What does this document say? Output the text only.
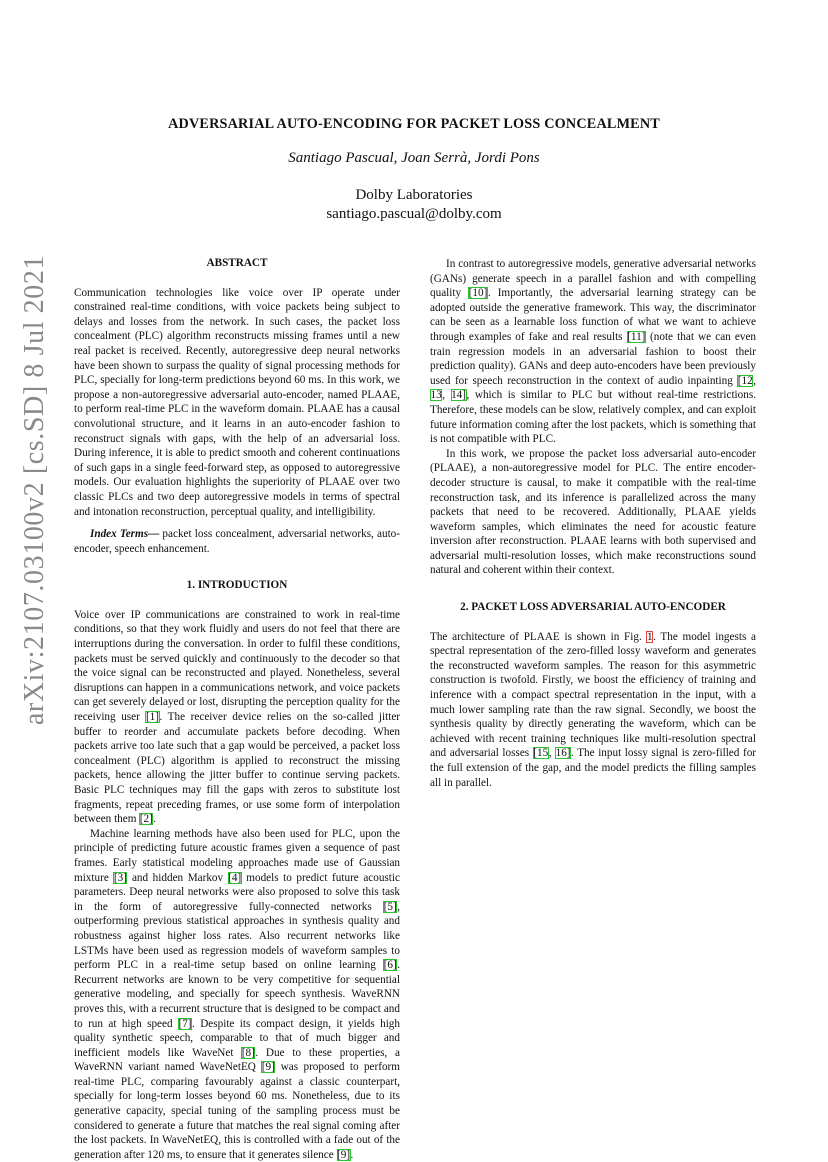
arXiv:2107.03100v2 [cs.SD] 8 Jul 2021
ADVERSARIAL AUTO-ENCODING FOR PACKET LOSS CONCEALMENT
Santiago Pascual, Joan Serrà, Jordi Pons
Dolby Laboratories
santiago.pascual@dolby.com

ABSTRACT

Communication technologies like voice over IP operate under constrained real-time conditions, with voice packets being subject to delays and losses from the network. In such cases, the packet loss concealment (PLC) algorithm reconstructs missing frames until a new real packet is received. Recently, autoregressive deep neural networks have been shown to surpass the quality of signal processing methods for PLC, specially for long-term predictions beyond 60 ms. In this work, we propose a non-autoregressive adversarial auto-encoder, named PLAAE, to perform real-time PLC in the waveform domain. PLAAE has a causal convolutional structure, and it learns in an auto-encoder fashion to reconstruct signals with gaps, with the help of an adversarial loss. During inference, it is able to predict smooth and coherent continuations of such gaps in a single feed-forward step, as opposed to autoregressive models. Our evaluation highlights the superiority of PLAAE over two classic PLCs and two deep autoregressive models in terms of spectral and intonation reconstruction, perceptual quality, and intelligibility.

Index Terms— packet loss concealment, adversarial networks, auto-encoder, speech enhancement.

1. INTRODUCTION

Voice over IP communications are constrained to work in real-time conditions, so that they work fluidly and users do not feel that there are interruptions during the conversation. In order to fulfil these conditions, packets must be served quickly and continuously to the decoder so that the voice signal can be reconstructed and played. Nonetheless, several disruptions can happen in a communications network, and voice packets can get severely delayed or lost, disrupting the perception quality for the receiving user [1]. The receiver device relies on the so-called jitter buffer to reorder and accumulate packets before decoding. When packets arrive too late such that a gap would be perceived, a packet loss concealment (PLC) algorithm is applied to reconstruct the missing packets, hence allowing the jitter buffer to continue serving packets. Basic PLC techniques may fill the gaps with zeros to substitute lost fragments, repeat preceding frames, or use some form of interpolation between them [2].

Machine learning methods have also been used for PLC, upon the principle of predicting future acoustic frames given a sequence of past frames. Early statistical modeling approaches made use of Gaussian mixture [3] and hidden Markov [4] models to predict future acoustic parameters. Deep neural networks were also proposed to solve this task in the form of autoregressive fully-connected networks [5], outperforming previous statistical approaches in synthesis quality and robustness against higher loss rates. Also recurrent networks like LSTMs have been used as regression models of waveform samples to perform PLC in a real-time setup based on online learning [6]. Recurrent networks are known to be very competitive for sequential generative modeling, and specially for speech synthesis. WaveRNN proves this, with a recurrent structure that is designed to be compact and to run at high speed [7]. Despite its compact design, it yields high quality synthetic speech, comparable to that of much bigger and inefficient models like WaveNet [8]. Due to these properties, a WaveRNN variant named WaveNetEQ [9] was proposed to perform real-time PLC, comparing favourably against a classic counterpart, specially for long-term losses beyond 60 ms. Nonetheless, due to its generative capacity, special tuning of the sampling process must be considered to generate a future that matches the real signal coming after the lost packets. In WaveNetEQ, this is controlled with a fade out of the generation after 120 ms, to ensure that it generates silence [9].

In contrast to autoregressive models, generative adversarial networks (GANs) generate speech in a parallel fashion and with compelling quality [10]. Importantly, the adversarial learning strategy can be adopted outside the generative framework. This way, the discriminator can be seen as a learnable loss function of what we want to achieve through examples of fake and real results [11] (note that we can even train regression models in an adversarial fashion to boost their prediction quality). GANs and deep auto-encoders have been previously used for speech reconstruction in the context of audio inpainting [12, 13, 14], which is similar to PLC but without real-time restrictions. Therefore, these models can be slow, relatively complex, and can exploit future information coming after the lost packets, which is something that is not compatible with PLC.

In this work, we propose the packet loss adversarial auto-encoder (PLAAE), a non-autoregressive model for PLC. The entire encoder-decoder structure is causal, to make it compatible with the real-time reconstruction task, and its inference is parallelized across the many packets that need to be recovered. Additionally, PLAAE yields waveform samples, which eliminates the need for acoustic feature inversion after reconstruction. PLAAE learns with both supervised and adversarial multi-resolution losses, which make reconstructions sound natural and coherent within their context.

2. PACKET LOSS ADVERSARIAL AUTO-ENCODER

The architecture of PLAAE is shown in Fig. 1. The model ingests a spectral representation of the zero-filled lossy waveform and generates the reconstructed waveform samples. The reason for this asymmetric construction is twofold. Firstly, we boost the efficiency of training and inference with a compact spectral representation in the input, with a much lower sampling rate than the raw signal. Secondly, we boost the synthesis quality by directly generating the waveform, which can be achieved with recent training techniques like multi-resolution spectral and adversarial losses [15, 16]. The input lossy signal is zero-filled for the full extension of the gap, and the model predicts the filling samples all in parallel.
